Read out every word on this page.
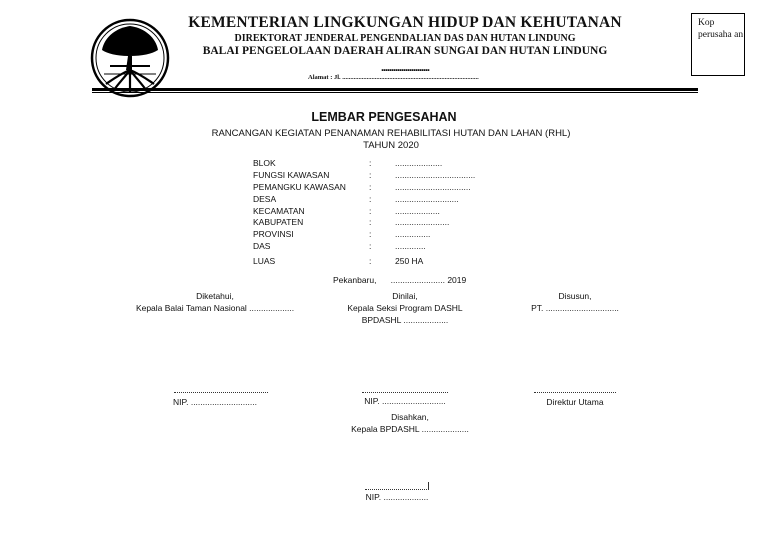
KEMENTERIAN LINGKUNGAN HIDUP DAN KEHUTANAN
DIREKTORAT JENDERAL PENGENDALIAN DAS DAN HUTAN LINDUNG
BALAI PENGELOLAAN DAERAH ALIRAN SUNGAI DAN HUTAN LINDUNG
........................
Alamat : Jl. ....................................................................................
Kop perusaha an
LEMBAR PENGESAHAN
RANCANGAN KEGIATAN PENANAMAN REHABILITASI HUTAN DAN LAHAN (RHL)
TAHUN 2020
BLOK	:	....................
FUNGSI KAWASAN	:	..................................
PEMANGKU KAWASAN	:	................................
DESA	:	...........................
KECAMATAN	:	...................
KABUPATEN	:	.......................
PROVINSI	:	...............
DAS	:	.............
LUAS	:	250 HA
Pekanbaru,      ....................... 2019
Diketahui,
Kepala Balai Taman Nasional ...................
Dinilai,
Kepala Seksi Program DASHL
BPDASHL ...................
Disusun,
PT. ...............................
NIP. ............................	NIP. ...........................	Direktur Utama
Disahkan,
Kepala BPDASHL ....................
NIP. ...................
